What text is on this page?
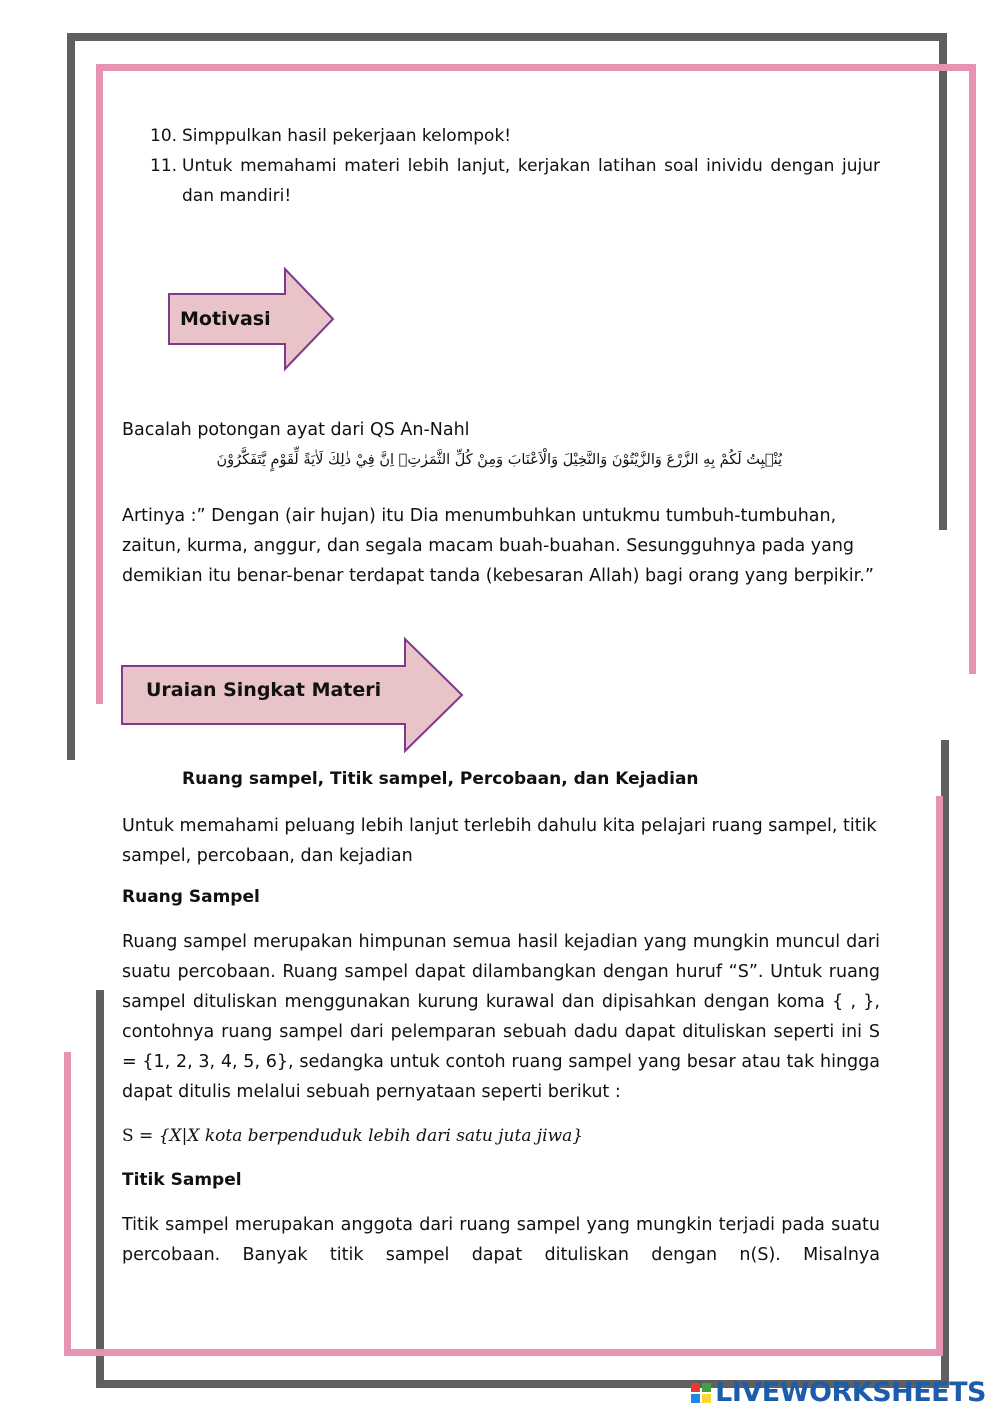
10. Simppulkan hasil pekerjaan kelompok!
11. Untuk memahami materi lebih lanjut, kerjakan latihan soal inividu dengan jujur dan mandiri!
Motivasi
Bacalah potongan ayat dari QS An-Nahl
يُنْۢبِتُ لَكُمْ بِهِ الزَّرْعَ وَالزَّيْتُوْنَ وَالنَّخِيْلَ وَالْاَعْنَابَ وَمِنْ كُلِّ الثَّمَرٰتِۗ اِنَّ فِيْ ذٰلِكَ لَاٰيَةً لِّقَوْمٍ يَّتَفَكَّرُوْنَ
Artinya :” Dengan (air hujan) itu Dia menumbuhkan untukmu tumbuh-tumbuhan, zaitun, kurma, anggur, dan segala macam buah-buahan. Sesungguhnya pada yang demikian itu benar-benar terdapat tanda (kebesaran Allah) bagi orang yang berpikir.”
Uraian Singkat Materi
Ruang sampel, Titik sampel, Percobaan, dan Kejadian
Untuk memahami peluang lebih lanjut terlebih dahulu kita pelajari ruang sampel, titik sampel, percobaan, dan kejadian
Ruang Sampel
Ruang sampel merupakan himpunan semua hasil kejadian yang mungkin muncul dari suatu percobaan. Ruang sampel dapat dilambangkan dengan huruf “S”. Untuk ruang sampel dituliskan menggunakan kurung kurawal dan dipisahkan dengan koma { , }, contohnya ruang sampel dari pelemparan sebuah dadu dapat dituliskan seperti ini S = {1, 2, 3, 4, 5, 6}, sedangka untuk contoh ruang sampel yang besar atau tak hingga dapat ditulis melalui sebuah pernyataan seperti berikut :
S = {X|X kota berpenduduk lebih dari satu juta jiwa}
Titik Sampel
Titik sampel merupakan anggota dari ruang sampel yang mungkin terjadi pada suatu percobaan. Banyak titik sampel dapat dituliskan dengan n(S). Misalnya
LIVEWORKSHEETS
